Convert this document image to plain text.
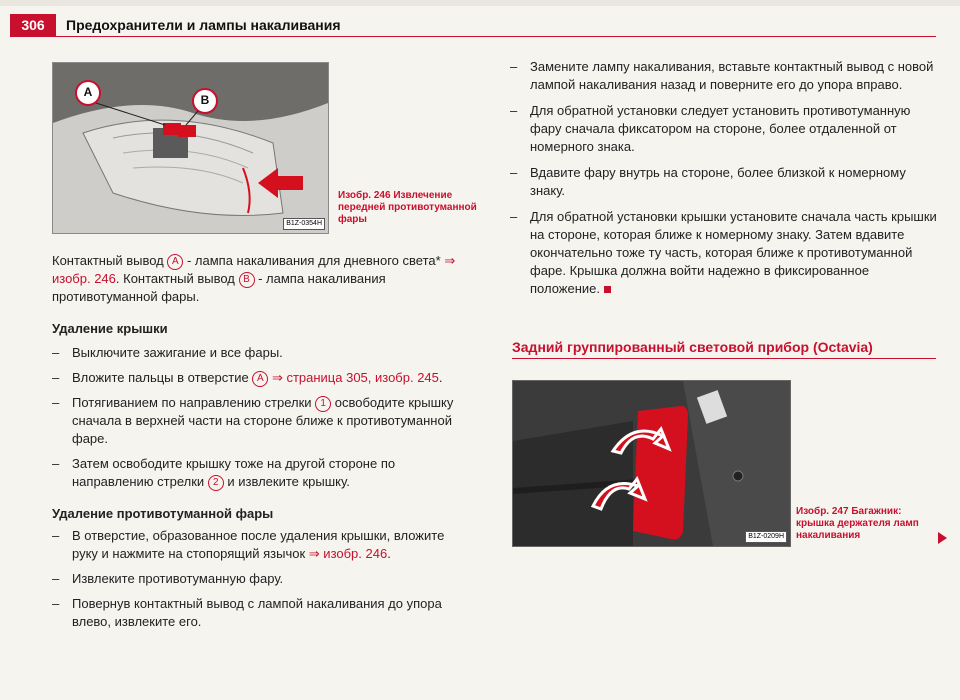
306	Предохранители и лампы накаливания
A
B
B1Z-0354H
Изобр. 246 Извлечение передней противотуманной фары

Контактный вывод A - лампа накаливания для дневного света* ⇒ изобр. 246. Контактный вывод B - лампа накаливания противотуманной фары.

Удаление крышки

– Выключите зажигание и все фары.

– Вложите пальцы в отверстие A ⇒ страница 305, изобр. 245.

– Потягиванием по направлению стрелки 1 освободите крышку сначала в верхней части на стороне ближе к противотуманной фаре.

– Затем освободите крышку тоже на другой стороне по направлению стрелки 2 и извлеките крышку.

Удаление противотуманной фары

– В отверстие, образованное после удаления крышки, вложите руку и нажмите на стопорящий язычок ⇒ изобр. 246.

– Извлеките противотуманную фару.

– Повернув контактный вывод с лампой накаливания до упора влево, извлеките его.

– Замените лампу накаливания, вставьте контактный вывод с новой лампой накаливания назад и поверните его до упора вправо.

– Для обратной установки следует установить противотуманную фару сначала фиксатором на стороне, более отдаленной от номерного знака.

– Вдавите фару внутрь на стороне, более близкой к номерному знаку.

– Для обратной установки крышки установите сначала часть крышки на стороне, которая ближе к номерному знаку. Затем вдавите окончательно тоже ту часть, которая ближе к противотуманной фаре. Крышка должна войти надежно в фиксированное положение.

Задний группированный световой прибор (Octavia)
B1Z-0209H
Изобр. 247 Багажник: крышка держателя ламп накаливания
